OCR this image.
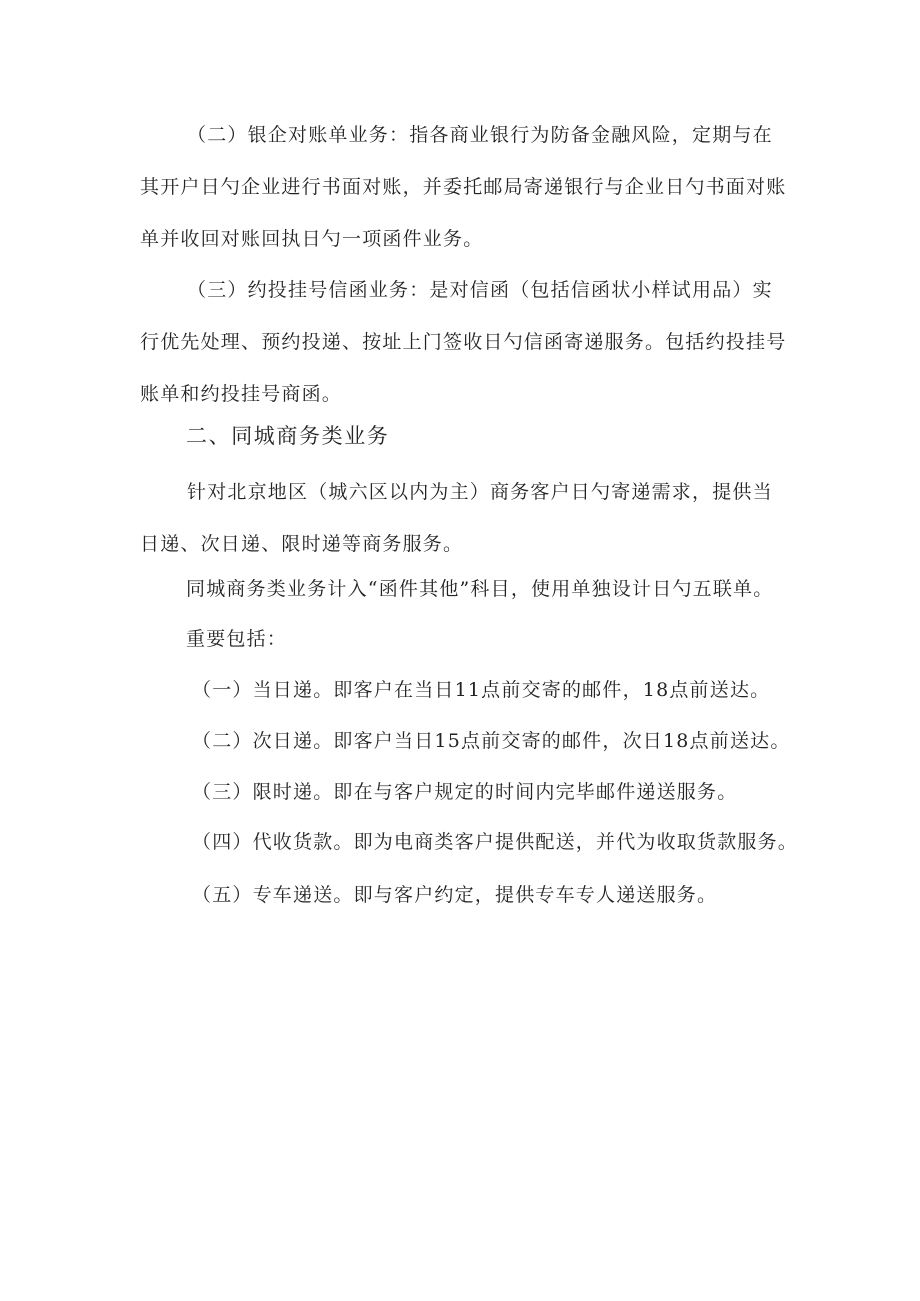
（二）银企对账单业务：指各商业银行为防备金融风险，定期与在其开户日勺企业进行书面对账，并委托邮局寄递银行与企业日勺书面对账单并收回对账回执日勺一项函件业务。

（三）约投挂号信函业务：是对信函（包括信函状小样试用品）实行优先处理、预约投递、按址上门签收日勺信函寄递服务。包括约投挂号账单和约投挂号商函。

二、同城商务类业务

针对北京地区（城六区以内为主）商务客户日勺寄递需求，提供当日递、次日递、限时递等商务服务。

同城商务类业务计入“函件其他”科目，使用单独设计日勺五联单。

重要包括：

（一）当日递。即客户在当日11点前交寄的邮件，18点前送达。

（二）次日递。即客户当日15点前交寄的邮件，次日18点前送达。

（三）限时递。即在与客户规定的时间内完毕邮件递送服务。

（四）代收货款。即为电商类客户提供配送，并代为收取货款服务。

（五）专车递送。即与客户约定，提供专车专人递送服务。
